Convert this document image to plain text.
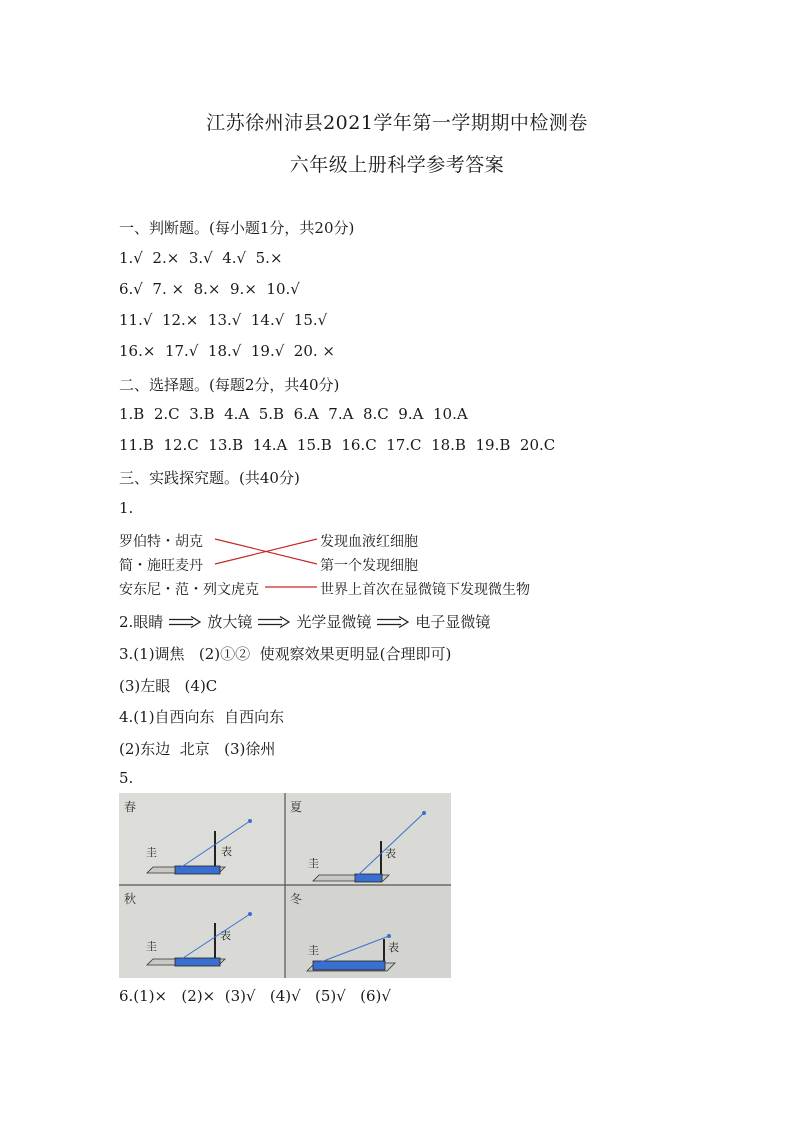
江苏徐州沛县2021学年第一学期期中检测卷
六年级上册科学参考答案
一、判断题。(每小题1分，共20分)
1.√  2.×  3.√  4.√  5.×
6.√  7. ×  8.×  9.×  10.√
11.√  12.×  13.√  14.√  15.√
16.×  17.√  18.√  19.√  20. ×
二、选择题。(每题2分，共40分)
1.B  2.C  3.B  4.A  5.B  6.A  7.A  8.C  9.A  10.A
11.B  12.C  13.B  14.A  15.B  16.C  17.C  18.B  19.B  20.C
三、实践探究题。(共40分)
1.
罗伯特・胡克
简・施旺麦丹
安东尼・范・列文虎克
发现血液红细胞
第一个发现细胞
世界上首次在显微镜下发现微生物
2.眼睛	放大镜	光学显微镜	电子显微镜
3.(1)调焦   (2)①②  使观察效果更明显(合理即可)
(3)左眼   (4)C
4.(1)自西向东  自西向东
(2)东边  北京   (3)徐州
5.
春
圭	表
夏
圭
表
秋
圭
表
冬
圭	表
6.(1)×   (2)×  (3)√   (4)√   (5)√   (6)√
